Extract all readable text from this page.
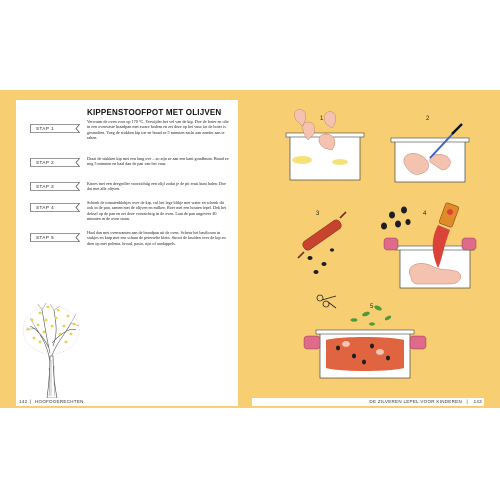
KIPPENSTOOFPOT MET OLIJVEN
STAP 1
Verwarm de oven voor op 170 °C. Verwijder het vel van de kip. Doe de boter en olie in een ovenvaste braadpan met zware bodem en zet deze op het vuur tot de boter is gesmolten. Voeg de stukken kip toe en braad ze 5 minuten zacht aan zonder aan te raken.
STAP 2
Draai de stukken kip met een lang ove – zo zijn ze aan een kant goudbruin. Braad ze nog 5 minuten en haal dan de pan van het vuur.
STAP 3
Knoes met een deegroller voorzichtig een olijf zodat je de pit eruit kunt halen. Doe dat met alle olijven.
STAP 4
Schenk de tomatenblokjes over de kip, vul het lege blikje met water en schenk dit ook in de pan, samen met de olijven en milkee. Roer met een houten lepel. Dek het deksel op de pan en zet deze voorzichtig in de oven. Laat de pan ongeveer 40 minuten in de oven staan.
STAP 5
Haal dan met ovenwanten aan de braadpan uit de oven. Scheur het basilicum in stukjes en knip met een schaar de peterselie klein. Strooi de kruiden over de kip en dien op met polenta, brood, pasta, rijst of aardappels.
1	2
3	4
5
142 | HOOFDGERECHTEN	DE ZILVEREN LEPEL VOOR KINDEREN | 143
